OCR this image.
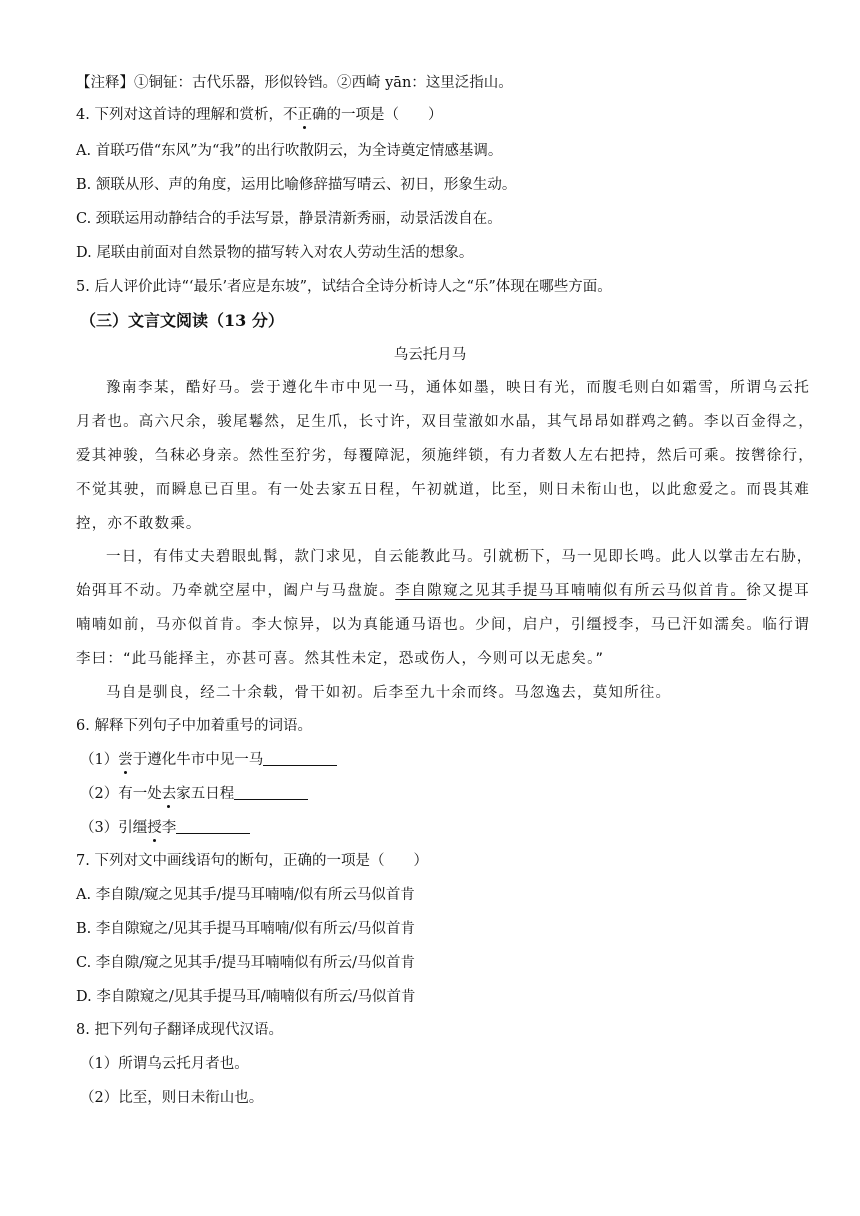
【注释】①铜钲：古代乐器，形似铃铛。②西崎 yān：这里泛指山。
4. 下列对这首诗的理解和赏析，不正确的一项是（　　）
A. 首联巧借“东风”为“我”的出行吹散阴云，为全诗奠定情感基调。
B. 颔联从形、声的角度，运用比喻修辞描写晴云、初日，形象生动。
C. 颈联运用动静结合的手法写景，静景清新秀丽，动景活泼自在。
D. 尾联由前面对自然景物的描写转入对农人劳动生活的想象。
5. 后人评价此诗“‘最乐’者应是东坡”，试结合全诗分析诗人之“乐”体现在哪些方面。
（三）文言文阅读（13 分）
乌云托月马
豫南李某，酷好马。尝于遵化牛市中见一马，通体如墨，映日有光，而腹毛则白如霜雪，所谓乌云托
月者也。高六尺余，骏尾鬈然，足生爪，长寸许，双目莹澈如水晶，其气昂昂如群鸡之鹤。李以百金得之，
爱其神骏，刍秣必身亲。然性至狞劣，每覆障泥，须施绊锁，有力者数人左右把持，然后可乘。按辔徐行，
不觉其驶，而瞬息已百里。有一处去家五日程，午初就道，比至，则日未衔山也，以此愈爱之。而畏其难
控，亦不敢数乘。
一日，有伟丈夫碧眼虬髯，款门求见，自云能教此马。引就枥下，马一见即长鸣。此人以掌击左右胁，
始弭耳不动。乃牵就空屋中，阖户与马盘旋。李自隙窥之见其手提马耳喃喃似有所云马似首肯。徐又提耳
喃喃如前，马亦似首肯。李大惊异，以为真能通马语也。少间，启户，引缰授李，马已汗如濡矣。临行谓
李曰：“此马能择主，亦甚可喜。然其性未定，恐或伤人，今则可以无虑矣。”
马自是驯良，经二十余载，骨干如初。后李至九十余而终。马忽逸去，莫知所往。
6. 解释下列句子中加着重号的词语。
（1）尝于遵化牛市中见一马
（2）有一处去家五日程
（3）引缰授李
7. 下列对文中画线语句的断句，正确的一项是（　　）
A. 李自隙/窥之见其手/提马耳喃喃/似有所云马似首肯
B. 李自隙窥之/见其手提马耳喃喃/似有所云/马似首肯
C. 李自隙/窥之见其手/提马耳喃喃似有所云/马似首肯
D. 李自隙窥之/见其手提马耳/喃喃似有所云/马似首肯
8. 把下列句子翻译成现代汉语。
（1）所谓乌云托月者也。
（2）比至，则日未衔山也。
